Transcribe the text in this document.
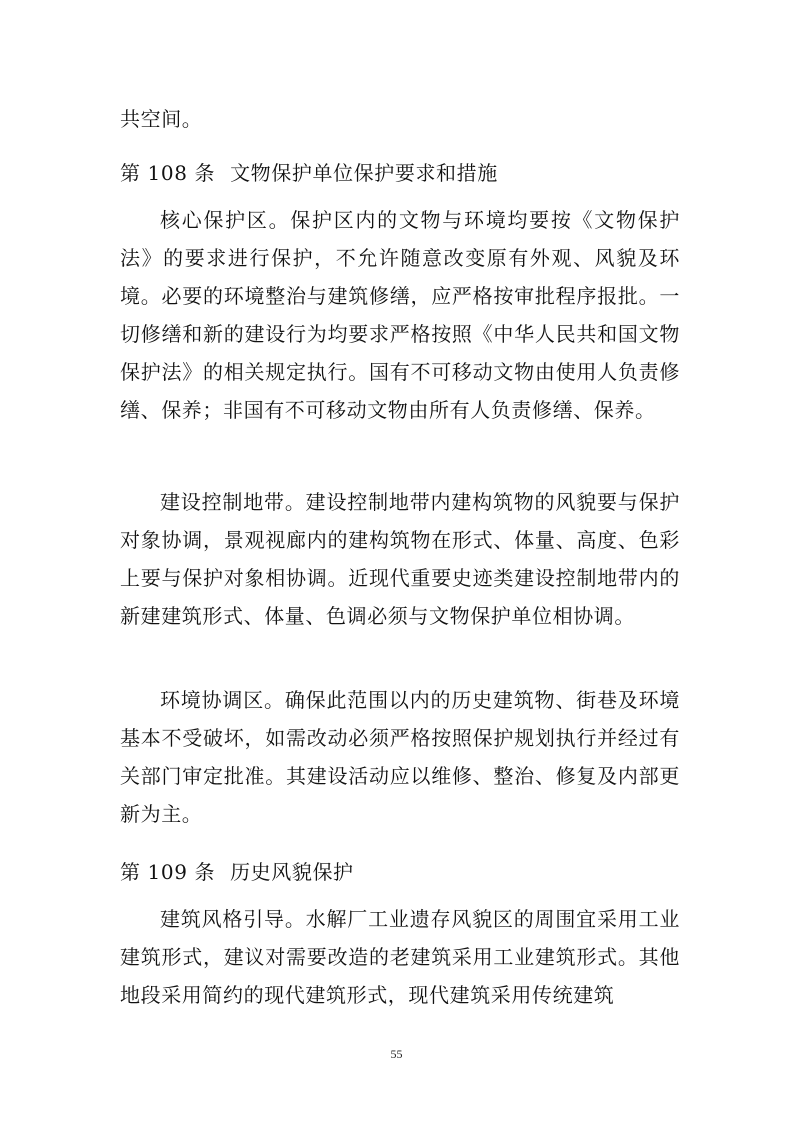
共空间。

第 108 条 文物保护单位保护要求和措施

核心保护区。保护区内的文物与环境均要按《文物保护法》的要求进行保护，不允许随意改变原有外观、风貌及环境。必要的环境整治与建筑修缮，应严格按审批程序报批。一切修缮和新的建设行为均要求严格按照《中华人民共和国文物保护法》的相关规定执行。国有不可移动文物由使用人负责修缮、保养；非国有不可移动文物由所有人负责修缮、保养。

建设控制地带。建设控制地带内建构筑物的风貌要与保护对象协调，景观视廊内的建构筑物在形式、体量、高度、色彩上要与保护对象相协调。近现代重要史迹类建设控制地带内的新建建筑形式、体量、色调必须与文物保护单位相协调。

环境协调区。确保此范围以内的历史建筑物、街巷及环境基本不受破坏，如需改动必须严格按照保护规划执行并经过有关部门审定批准。其建设活动应以维修、整治、修复及内部更新为主。

第 109 条 历史风貌保护

建筑风格引导。水解厂工业遗存风貌区的周围宜采用工业建筑形式，建议对需要改造的老建筑采用工业建筑形式。其他地段采用简约的现代建筑形式，现代建筑采用传统建筑

55
